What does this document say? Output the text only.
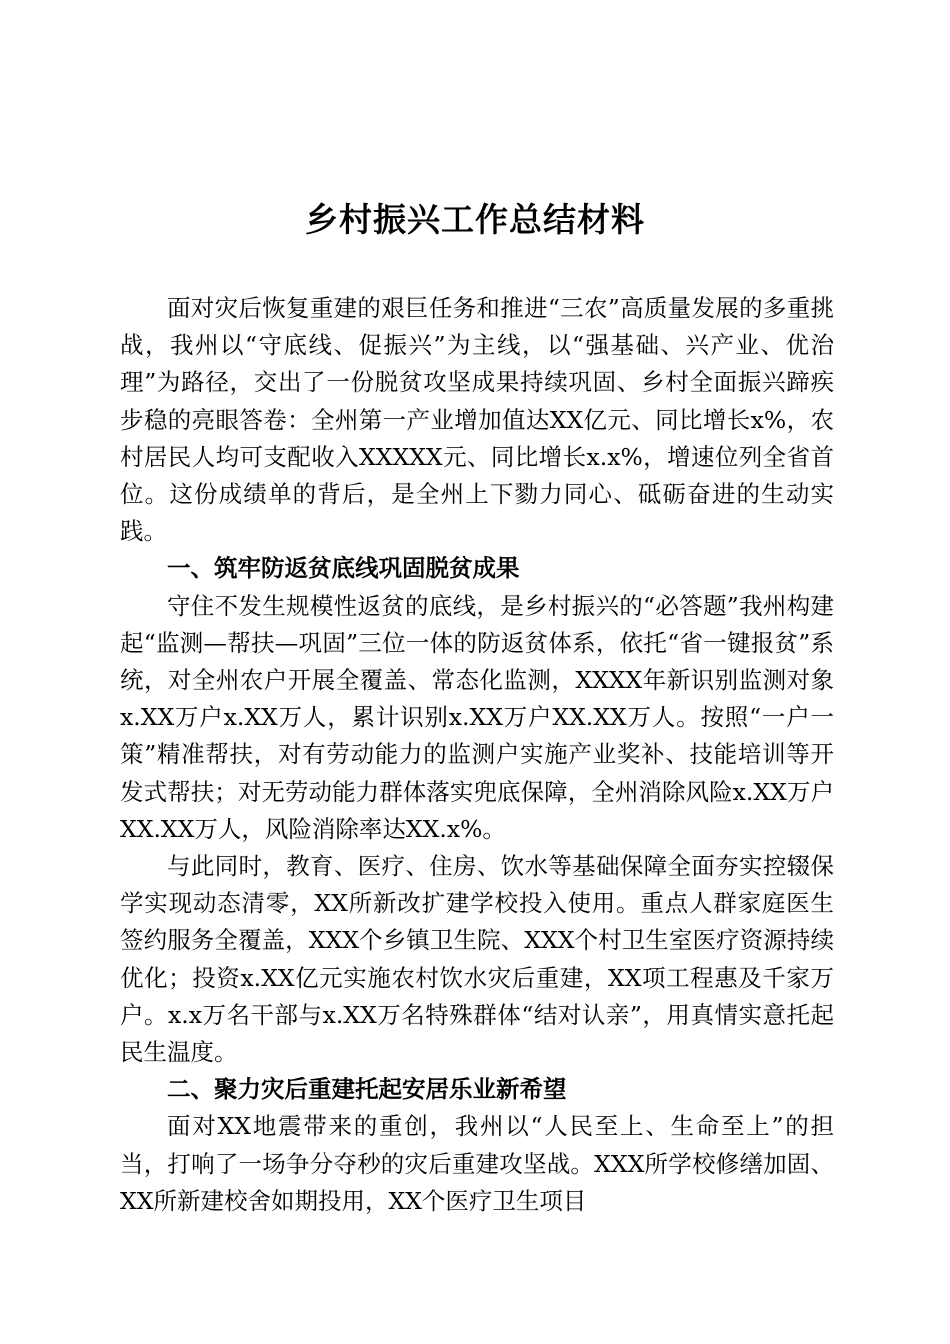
乡村振兴工作总结材料

面对灾后恢复重建的艰巨任务和推进“三农”高质量发展的多重挑战，我州以“守底线、促振兴”为主线，以“强基础、兴产业、优治理”为路径，交出了一份脱贫攻坚成果持续巩固、乡村全面振兴蹄疾步稳的亮眼答卷：全州第一产业增加值达XX亿元、同比增长x%，农村居民人均可支配收入XXXXX元、同比增长x.x%，增速位列全省首位。这份成绩单的背后，是全州上下勠力同心、砥砺奋进的生动实践。

一、筑牢防返贫底线巩固脱贫成果

守住不发生规模性返贫的底线，是乡村振兴的“必答题”我州构建起“监测—帮扶—巩固”三位一体的防返贫体系，依托“省一键报贫”系统，对全州农户开展全覆盖、常态化监测，XXXX年新识别监测对象x.XX万户x.XX万人，累计识别x.XX万户XX.XX万人。按照“一户一策”精准帮扶，对有劳动能力的监测户实施产业奖补、技能培训等开发式帮扶；对无劳动能力群体落实兜底保障，全州消除风险x.XX万户XX.XX万人，风险消除率达XX.x%。

与此同时，教育、医疗、住房、饮水等基础保障全面夯实控辍保学实现动态清零，XX所新改扩建学校投入使用。重点人群家庭医生签约服务全覆盖，XXX个乡镇卫生院、XXX个村卫生室医疗资源持续优化；投资x.XX亿元实施农村饮水灾后重建，XX项工程惠及千家万户。x.x万名干部与x.XX万名特殊群体“结对认亲”，用真情实意托起民生温度。

二、聚力灾后重建托起安居乐业新希望

面对XX地震带来的重创，我州以“人民至上、生命至上”的担当，打响了一场争分夺秒的灾后重建攻坚战。XXX所学校修缮加固、XX所新建校舍如期投用，XX个医疗卫生项目
